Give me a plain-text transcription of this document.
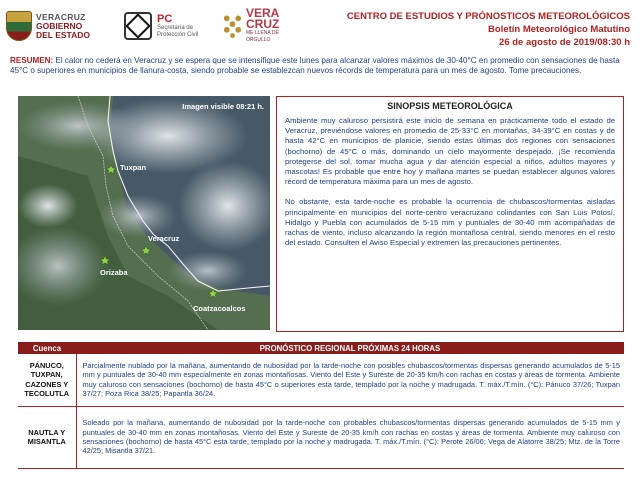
VERACRUZ
GOBIERNO
DEL ESTADO
PC
Secretaría de
Protección Civil
VERA
CRUZ
ME LLENA DE ORGULLO
CENTRO DE ESTUDIOS Y PRÓNOSTICOS METEOROLÓGICOS
Boletín Meteorológico Matutino
26 de agosto de 2019/08:30 h

RESUMEN: El calor no cederá en Veracruz y se espera que se intensifique este lunes para alcanzar valores máximos de 30-40°C en promedio con sensaciones de hasta 45°C o superiores en municipios de llanura-costa, siendo probable se establezcan nuevos récords de temperatura para un mes de agosto. Tome precauciones.

Imagen visible 08:21 h.
Tuxpan
Veracruz
Orizaba
Coatzacoalcos
SINOPSIS METEOROLÓGICA

Ambiente muy caluroso persistirá este inicio de semana en prácticamente todo el estado de Veracruz, previéndose valores en promedio de 25-33°C en montañas, 34-39°C en costas y de hasta 42°C en municipios de planicie, siendo estas últimas dos regiones con sensaciones (bochorno) de 45°C o más, dominando un cielo mayormente despejado. ¡Se recomienda protegerse del sol, tomar mucha agua y dar atención especial a niños, adultos mayores y mascotas! Es probable que entre hoy y mañana martes se puedan establecer algunos valores récord de temperatura máxima para un mes de agosto.

No obstante, esta tarde-noche es probable la ocurrencia de chubascos/tormentas aisladas principalmente en municipios del norte-centro veracruzano colindantes con San Luis Potosí, Hidalgo y Puebla con acumulados de 5-15 mm y puntuales de 30-40 mm acompañadas de rachas de viento, incluso alcanzando la región montañosa central, siendo menores en el resto del estado. Consulten el Aviso Especial y extremen las precauciones pertinentes.

Cuenca	PRONÓSTICO REGIONAL PRÓXIMAS 24 HORAS
PÁNUCO, TUXPAN, CAZONES Y TECOLUTLA	Parcialmente nublado por la mañana, aumentando de nubosidad por la tarde-noche con posibles chubascos/tormentas dispersas generando acumulados de 5-15 mm y puntuales de 30-40 mm especialmente en zonas montañosas. Viento del Este y Sureste de 20-35 km/h con rachas en costas y áreas de tormenta. Ambiente muy caluroso con sensaciones (bochorno) de hasta 45°C o superiores esta tarde, templado por la noche y madrugada. T. máx./T.mín. (°C): Pánuco 37/26; Tuxpan 37/27; Poza Rica 38/25; Papantla 36/24.
NAUTLA Y MISANTLA	Soleado por la mañana, aumentando de nubosidad por la tarde-noche con probables chubascos/tormentas dispersas generando acumulados de 5-15 mm y puntuales de 30-40 mm en zonas montañosas. Viento del Este y Sureste de 20-35 km/h con rachas en costas y áreas de tormenta. Ambiente muy caluroso con sensaciones (bochorno) de hasta 45°C esta tarde, templado por la noche y madrugada. T. máx./T.mín. (°C): Perote 26/06; Vega de Alatorre 38/25; Mtz. de la Torre 42/25; Misantla 37/21.
